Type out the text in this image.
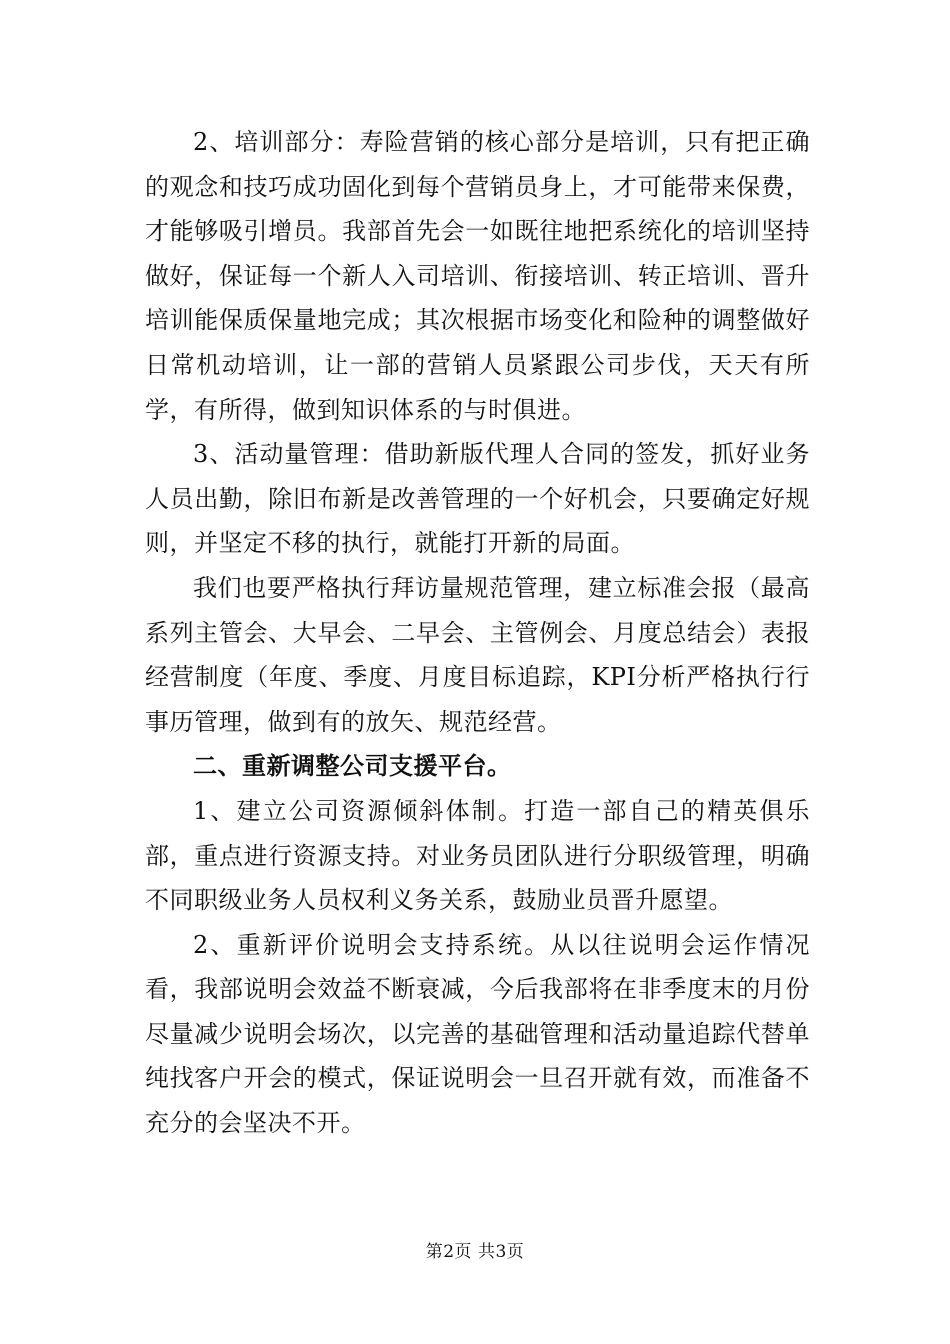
2、培训部分：寿险营销的核心部分是培训，只有把正确的观念和技巧成功固化到每个营销员身上，才可能带来保费，才能够吸引增员。我部首先会一如既往地把系统化的培训坚持做好，保证每一个新人入司培训、衔接培训、转正培训、晋升培训能保质保量地完成；其次根据市场变化和险种的调整做好日常机动培训，让一部的营销人员紧跟公司步伐，天天有所学，有所得，做到知识体系的与时俱进。

3、活动量管理：借助新版代理人合同的签发，抓好业务人员出勤，除旧布新是改善管理的一个好机会，只要确定好规则，并坚定不移的执行，就能打开新的局面。

我们也要严格执行拜访量规范管理，建立标准会报（最高系列主管会、大早会、二早会、主管例会、月度总结会）表报经营制度（年度、季度、月度目标追踪，KPI分析严格执行行事历管理，做到有的放矢、规范经营。

二、重新调整公司支援平台。

1、建立公司资源倾斜体制。打造一部自己的精英俱乐部，重点进行资源支持。对业务员团队进行分职级管理，明确不同职级业务人员权利义务关系，鼓励业员晋升愿望。

2、重新评价说明会支持系统。从以往说明会运作情况看，我部说明会效益不断衰减，今后我部将在非季度末的月份尽量减少说明会场次，以完善的基础管理和活动量追踪代替单纯找客户开会的模式，保证说明会一旦召开就有效，而准备不充分的会坚决不开。

第2页 共3页
